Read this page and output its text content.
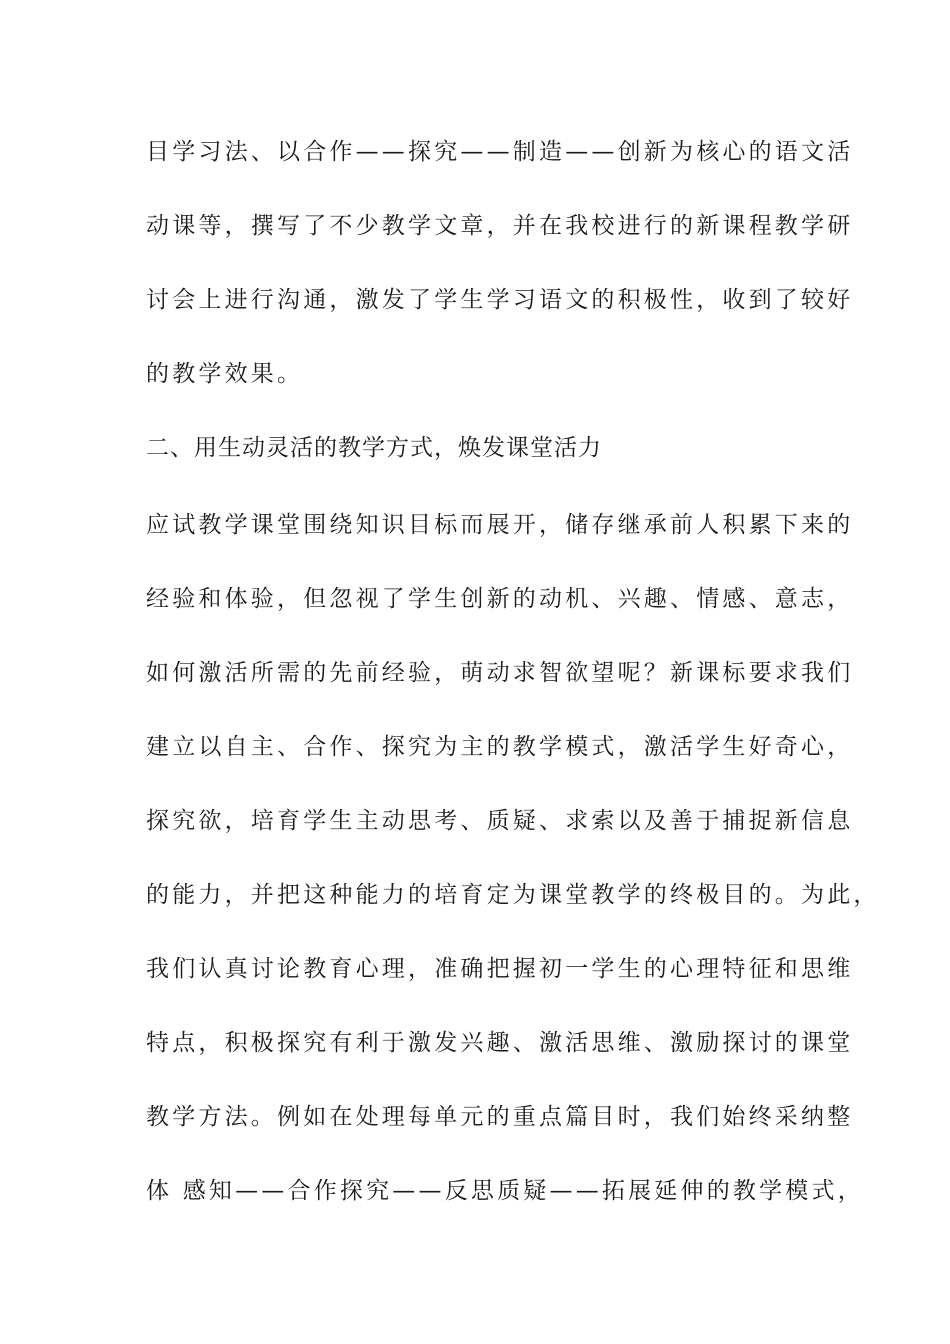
目学习法、以合作——探究——制造——创新为核心的语文活
动课等，撰写了不少教学文章，并在我校进行的新课程教学研
讨会上进行沟通，激发了学生学习语文的积极性，收到了较好
的教学效果。
二、用生动灵活的教学方式，焕发课堂活力
应试教学课堂围绕知识目标而展开，储存继承前人积累下来的
经验和体验，但忽视了学生创新的动机、兴趣、情感、意志，
如何激活所需的先前经验，萌动求智欲望呢？新课标要求我们
建立以自主、合作、探究为主的教学模式，激活学生好奇心，
探究欲，培育学生主动思考、质疑、求索以及善于捕捉新信息
的能力，并把这种能力的培育定为课堂教学的终极目的。为此，
我们认真讨论教育心理，准确把握初一学生的心理特征和思维
特点，积极探究有利于激发兴趣、激活思维、激励探讨的课堂
教学方法。例如在处理每单元的重点篇目时，我们始终采纳整
体 感知——合作探究——反思质疑——拓展延伸的教学模式，
